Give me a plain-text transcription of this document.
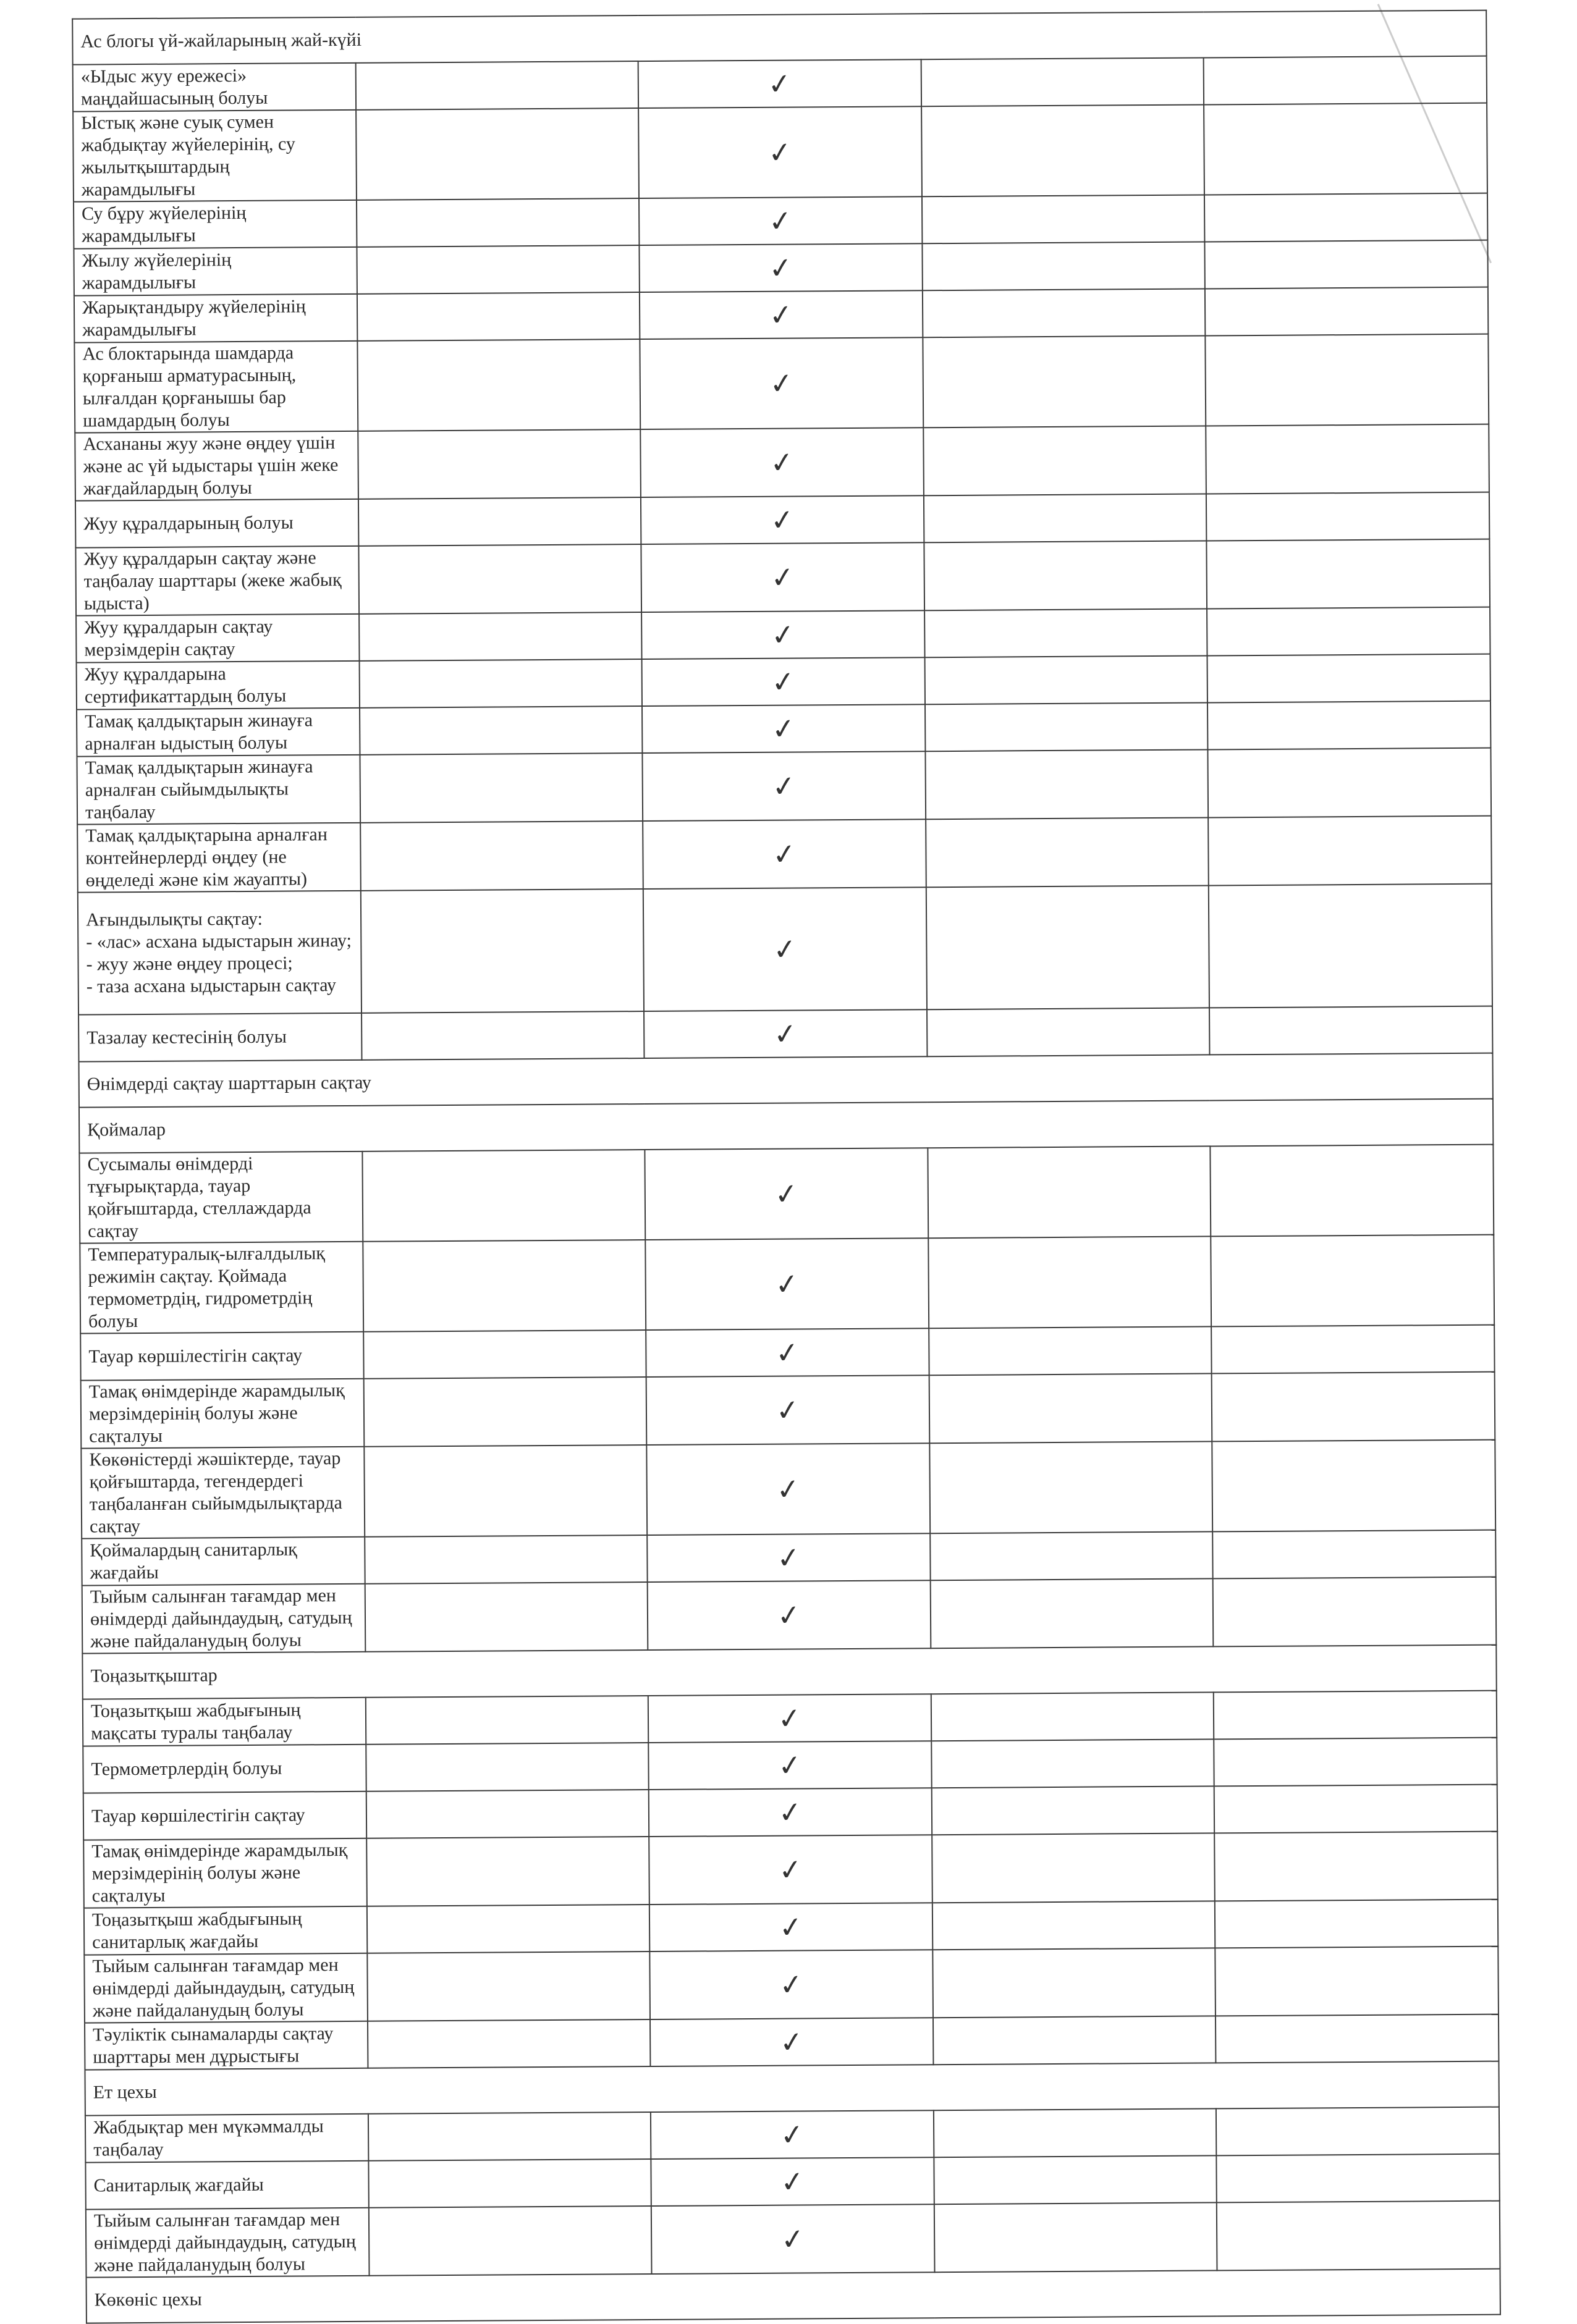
Ас блогы үй-жайларының жай-күйі				
«Ыдыс жуу ережесі» маңдайшасының болуы		✓		

Ыстық және суық сумен жабдықтау жүйелерінің, су жылытқыштардың жарамдылығы		✓		

Су бұру жүйелерінің жарамдылығы		✓		

Жылу жүйелерінің жарамдылығы		✓		

Жарықтандыру жүйелерінің жарамдылығы		✓		

Ас блоктарында шамдарда қорғаныш арматурасының, ылғалдан қорғанышы бар шамдардың болуы		✓		

Асхананы жуу және өңдеу үшін және ас үй ыдыстары үшін жеке жағдайлардың болуы		✓		

Жуу құралдарының болуы		✓		

Жуу құралдарын сақтау және таңбалау шарттары (жеке жабық ыдыста)		✓		

Жуу құралдарын сақтау мерзімдерін сақтау		✓		

Жуу құралдарына сертификаттардың болуы		✓		

Тамақ қалдықтарын жинауға арналған ыдыстың болуы		✓		

Тамақ қалдықтарын жинауға арналған сыйымдылықты таңбалау		✓		

Тамақ қалдықтарына арналған контейнерлерді өңдеу (не өңделеді және кім жауапты)		✓		

Ағындылықты сақтау:
- «лас» асхана ыдыстарын жинау;
- жуу және өңдеу процесі;
- таза асхана ыдыстарын сақтау		✓		

Тазалау кестесінің болуы		✓		

Өнімдерді сақтау шарттарын сақтау				
Қоймалар				
Сусымалы өнімдерді тұғырықтарда, тауар қойғыштарда, стеллаждарда сақтау		✓		

Температуралық-ылғалдылық режимін сақтау. Қоймада термометрдің, гидрометрдің болуы		✓		

Тауар көршілестігін сақтау		✓		

Тамақ өнімдерінде жарамдылық мерзімдерінің болуы және сақталуы		✓		

Көкөністерді жәшіктерде, тауар қойғыштарда, тегендердегі таңбаланған сыйымдылықтарда сақтау		✓		

Қоймалардың санитарлық жағдайы		✓		

Тыйым салынған тағамдар мен өнімдерді дайындаудың, сатудың және пайдаланудың болуы		✓		

Тоңазытқыштар				
Тоңазытқыш жабдығының мақсаты туралы таңбалау		✓		

Термометрлердің болуы		✓		

Тауар көршілестігін сақтау		✓		

Тамақ өнімдерінде жарамдылық мерзімдерінің болуы және сақталуы		✓		

Тоңазытқыш жабдығының санитарлық жағдайы		✓		

Тыйым салынған тағамдар мен өнімдерді дайындаудың, сатудың және пайдаланудың болуы		✓		

Тәуліктік сынамаларды сақтау шарттары мен дұрыстығы		✓		

Ет цехы				
Жабдықтар мен мүкәммалды таңбалау		✓		

Санитарлық жағдайы		✓		

Тыйым салынған тағамдар мен өнімдерді дайындаудың, сатудың және пайдаланудың болуы		✓		

Көкөніс цехы				
